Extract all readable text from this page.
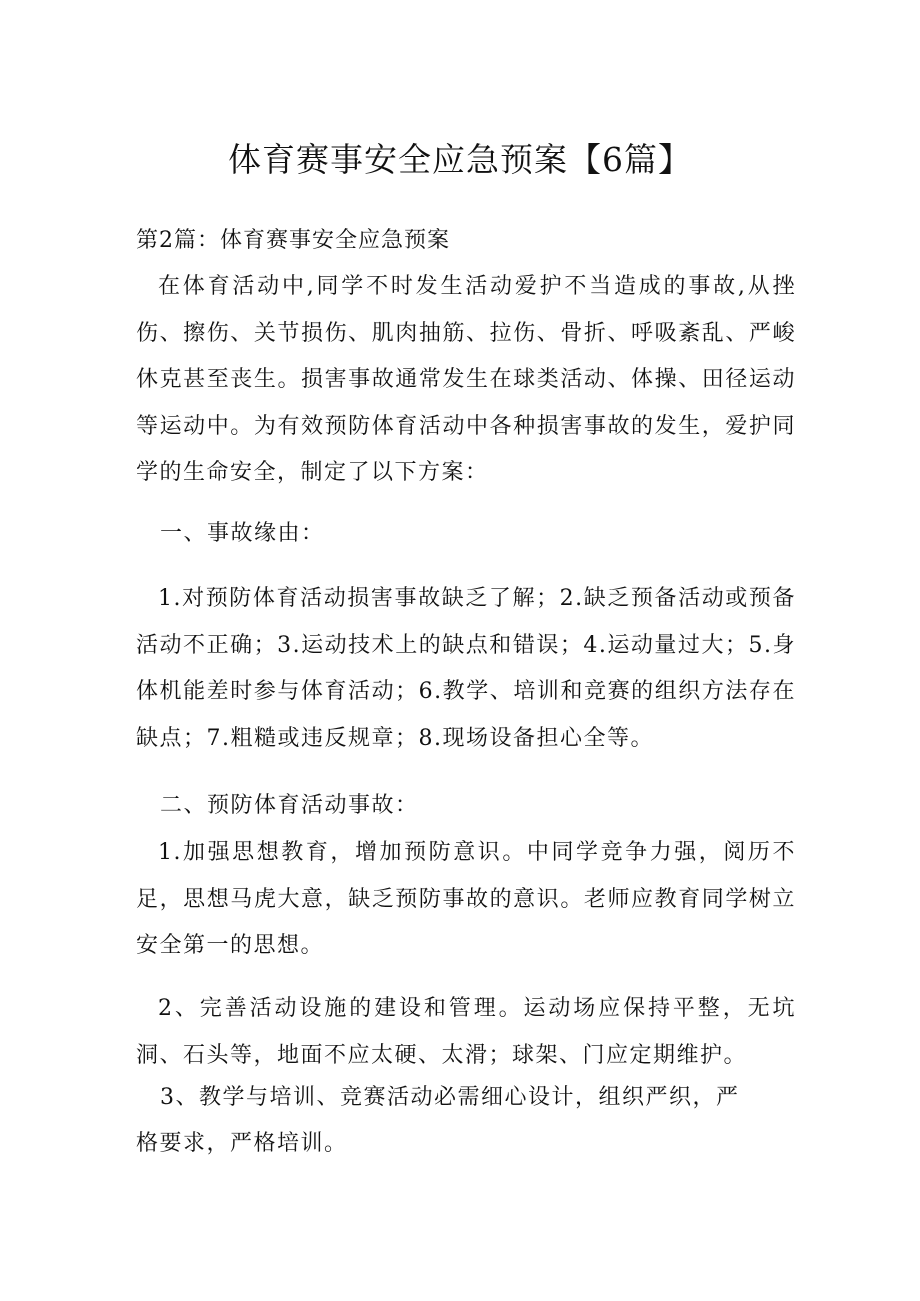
体育赛事安全应急预案【6篇】
第2篇：体育赛事安全应急预案

在体育活动中,同学不时发生活动爱护不当造成的事故,从挫伤、擦伤、关节损伤、肌肉抽筋、拉伤、骨折、呼吸紊乱、严峻休克甚至丧生。损害事故通常发生在球类活动、体操、田径运动等运动中。为有效预防体育活动中各种损害事故的发生，爱护同学的生命安全，制定了以下方案：

一、事故缘由：

1.对预防体育活动损害事故缺乏了解；2.缺乏预备活动或预备活动不正确；3.运动技术上的缺点和错误；4.运动量过大；5.身体机能差时参与体育活动；6.教学、培训和竞赛的组织方法存在缺点；7.粗糙或违反规章；8.现场设备担心全等。

二、预防体育活动事故：

1.加强思想教育，增加预防意识。中同学竞争力强，阅历不足，思想马虎大意，缺乏预防事故的意识。老师应教育同学树立安全第一的思想。

2、完善活动设施的建设和管理。运动场应保持平整，无坑洞、石头等，地面不应太硬、太滑；球架、门应定期维护。

3、教学与培训、竞赛活动必需细心设计，组织严织，严
格要求，严格培训。
